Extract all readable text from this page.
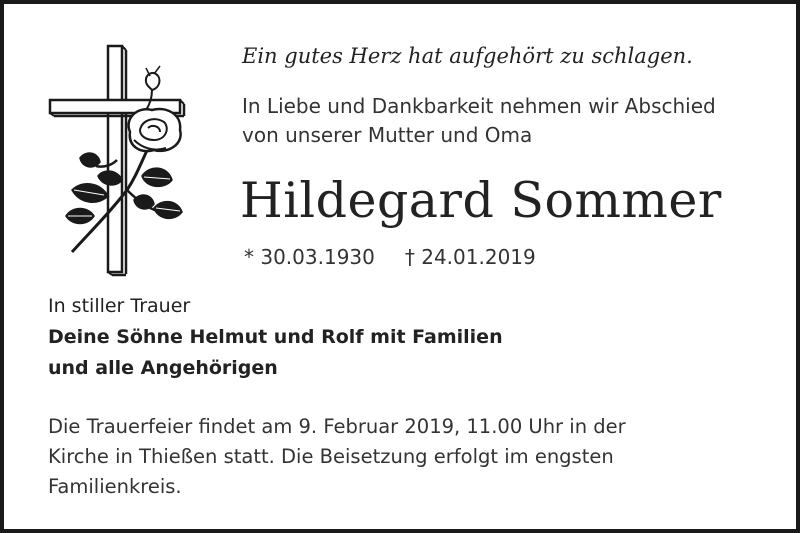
Ein gutes Herz hat aufgehört zu schlagen.
In Liebe und Dankbarkeit nehmen wir Abschied
von unserer Mutter und Oma
Hildegard Sommer
* 30.03.1930 † 24.01.2019
In stiller Trauer
Deine Söhne Helmut und Rolf mit Familien
und alle Angehörigen
Die Trauerfeier findet am 9. Februar 2019, 11.00 Uhr in der
Kirche in Thießen statt. Die Beisetzung erfolgt im engsten
Familienkreis.
